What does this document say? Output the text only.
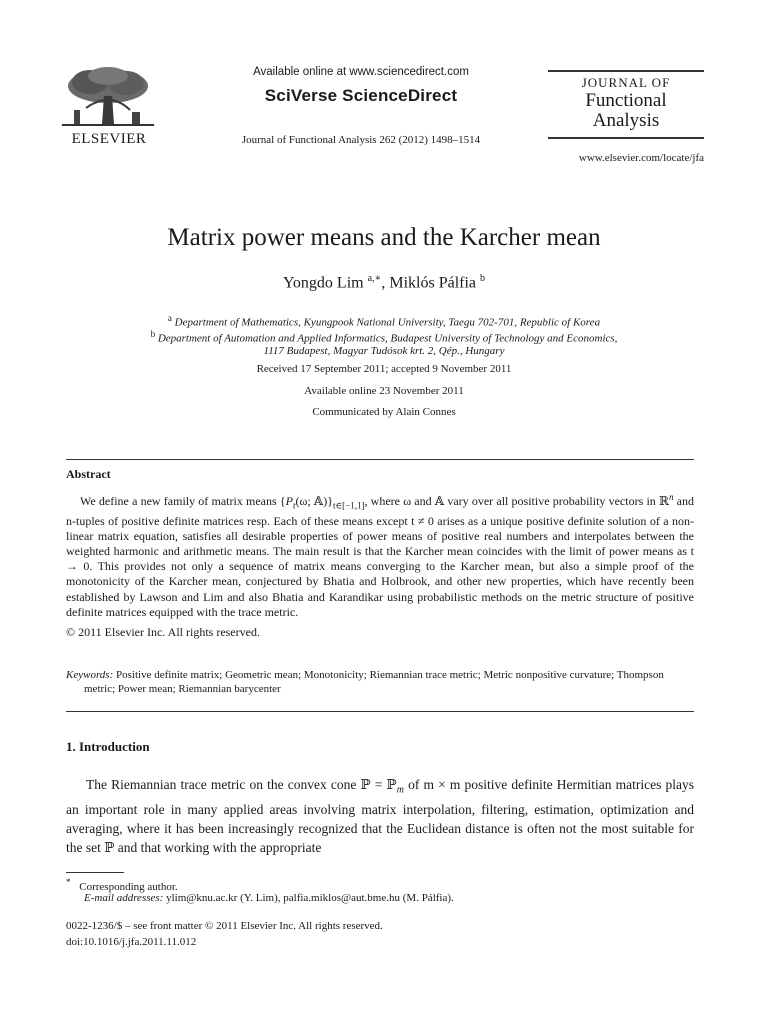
ELSEVIER
Available online at www.sciencedirect.com
SciVerse ScienceDirect
Journal of Functional Analysis 262 (2012) 1498–1514
JOURNAL OF
Functional
Analysis
www.elsevier.com/locate/jfa
Matrix power means and the Karcher mean
Yongdo Lim $^{a,∗}$, Miklós Pálfia $^b$
$^a$ Department of Mathematics, Kyungpook National University, Taegu 702-701, Republic of Korea
$^b$ Department of Automation and Applied Informatics, Budapest University of Technology and Economics,
1117 Budapest, Magyar Tudósok krt. 2, Qép., Hungary
Received 17 September 2011; accepted 9 November 2011
Available online 23 November 2011
Communicated by Alain Connes
Abstract
We define a new family of matrix means {$P_t(\omega$; $𝔸)\}_{t\in[-1,1]}$, where ω and 𝔸 vary over all positive probability vectors in ℝ$^n$ and n-tuples of positive definite matrices resp. Each of these means except t ≠ 0 arises as a unique positive definite solution of a non-linear matrix equation, satisfies all desirable properties of power means of positive real numbers and interpolates between the weighted harmonic and arithmetic means. The main result is that the Karcher mean coincides with the limit of power means as t → 0. This provides not only a sequence of matrix means converging to the Karcher mean, but also a simple proof of the monotonicity of the Karcher mean, conjectured by Bhatia and Holbrook, and other new properties, which have recently been established by Lawson and Lim and also Bhatia and Karandikar using probabilistic methods on the metric structure of positive definite matrices equipped with the trace metric.
© 2011 Elsevier Inc. All rights reserved.
Keywords: Positive definite matrix; Geometric mean; Monotonicity; Riemannian trace metric; Metric nonpositive curvature; Thompson metric; Power mean; Riemannian barycenter
1. Introduction
The Riemannian trace metric on the convex cone ℙ = ℙ$_m$ of m × m positive definite Hermitian matrices plays an important role in many applied areas involving matrix interpolation, filtering, estimation, optimization and averaging, where it has been increasingly recognized that the Euclidean distance is often not the most suitable for the set ℙ and that working with the appropriate
* Corresponding author.
E-mail addresses: ylim@knu.ac.kr (Y. Lim), palfia.miklos@aut.bme.hu (M. Pálfia).
0022-1236/$ – see front matter © 2011 Elsevier Inc. All rights reserved.
doi:10.1016/j.jfa.2011.11.012
